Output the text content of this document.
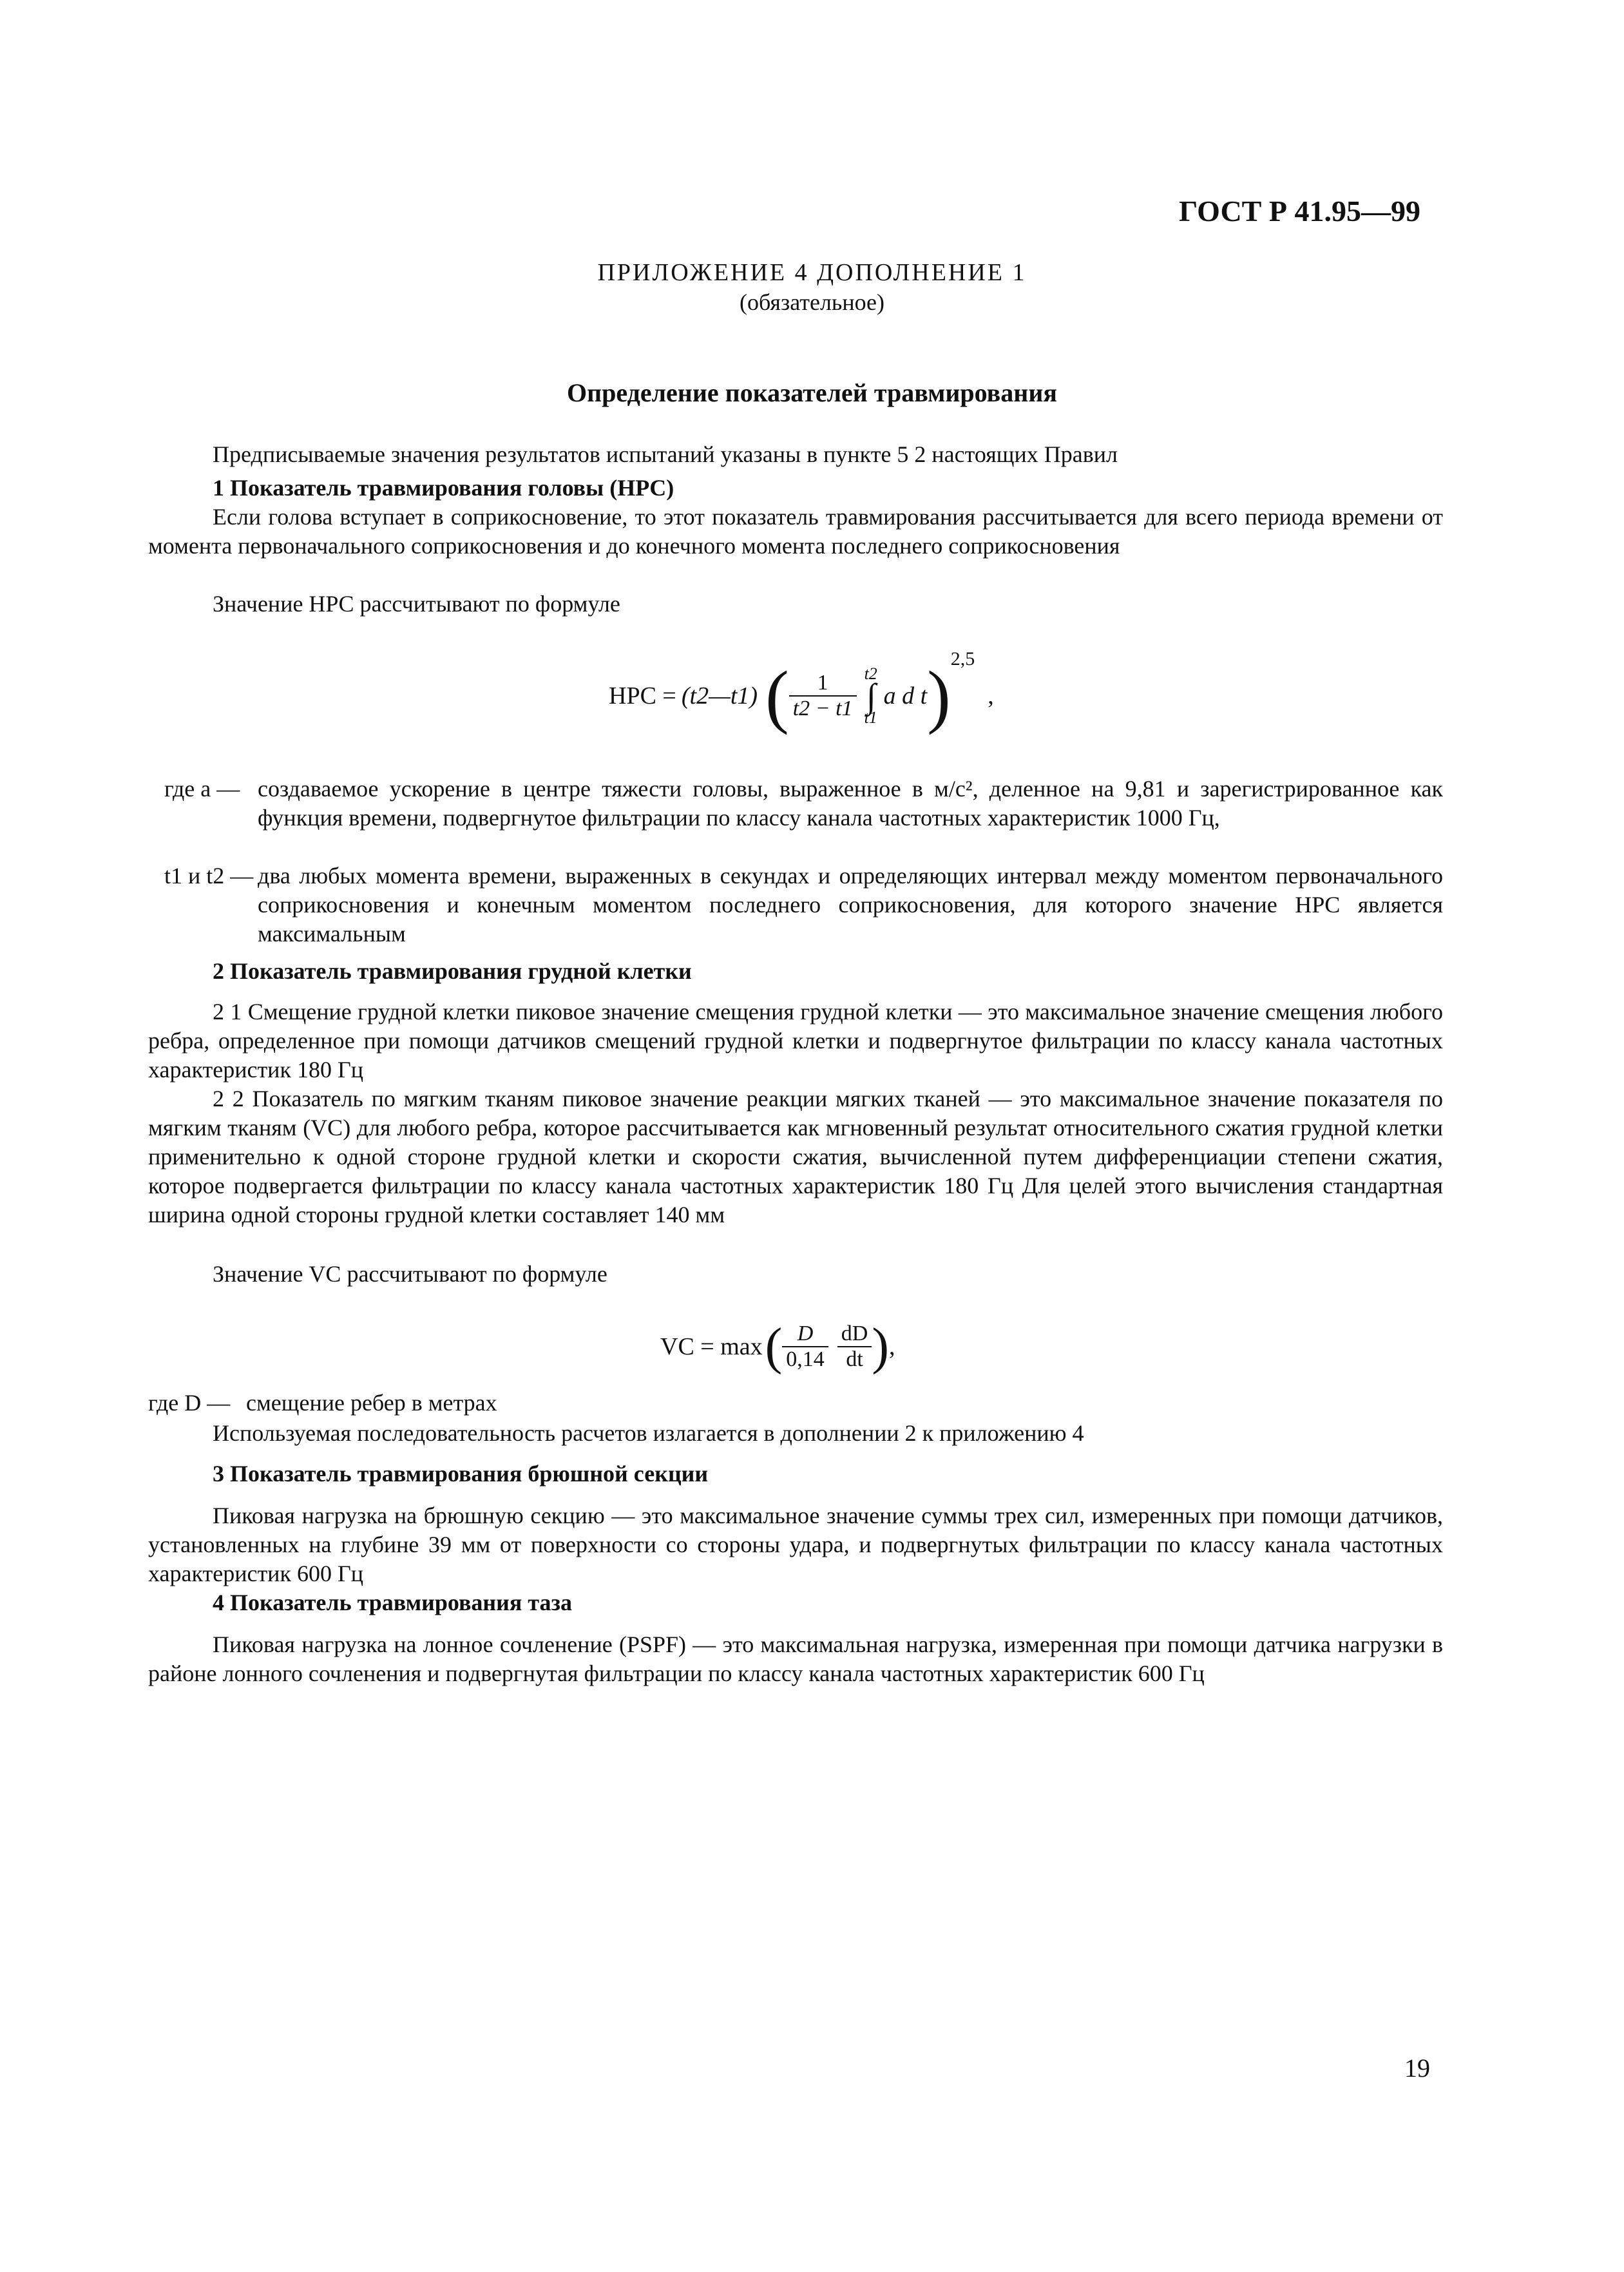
ГОСТ Р 41.95—99
ПРИЛОЖЕНИЕ 4 ДОПОЛНЕНИЕ 1
(обязательное)
Определение показателей травмирования

Предписываемые значения результатов испытаний указаны в пункте 5 2 настоящих Правил

1 Показатель травмирования головы (HPC)

Если голова вступает в соприкосновение, то этот показатель травмирования рассчитывается для всего периода времени от момента первоначального соприкосновения и до конечного момента последнего соприкосновения

Значение HPC рассчитывают по формуле

HPC = (t2—t1) ( $\frac{1}{t2 - t1}$ ∫
t2
t1
a d t ) 2,5
,
где a — создаваемое ускорение в центре тяжести головы, выраженное в м/с², деленное на 9,81 и зарегистрированное как функция времени, подвергнутое фильтрации по классу канала частотных характеристик 1000 Гц,
t1 и t2 — два любых момента времени, выраженных в секундах и определяющих интервал между моментом первоначального соприкосновения и конечным моментом последнего соприкосновения, для которого значение HPC является максимальным
2 Показатель травмирования грудной клетки

2 1 Смещение грудной клетки пиковое значение смещения грудной клетки — это максимальное значение смещения любого ребра, определенное при помощи датчиков смещений грудной клетки и подвергнутое фильтрации по классу канала частотных характеристик 180 Гц

2 2 Показатель по мягким тканям пиковое значение реакции мягких тканей — это максимальное значение показателя по мягким тканям (VC) для любого ребра, которое рассчитывается как мгновенный результат относительного сжатия грудной клетки применительно к одной стороне грудной клетки и скорости сжатия, вычисленной путем дифференциации степени сжатия, которое подвергается фильтрации по классу канала частотных характеристик 180 Гц Для целей этого вычисления стандартная ширина одной стороны грудной клетки составляет 140 мм

Значение VC рассчитывают по формуле

VC = max ( $\frac{D}{0,14} \frac{dD}{dt}$ ) ,
где D — смещение ребер в метрах

Используемая последовательность расчетов излагается в дополнении 2 к приложению 4

3 Показатель травмирования брюшной секции

Пиковая нагрузка на брюшную секцию — это максимальное значение суммы трех сил, измеренных при помощи датчиков, установленных на глубине 39 мм от поверхности со стороны удара, и подвергнутых фильтрации по классу канала частотных характеристик 600 Гц

4 Показатель травмирования таза

Пиковая нагрузка на лонное сочленение (PSPF) — это максимальная нагрузка, измеренная при помощи датчика нагрузки в районе лонного сочленения и подвергнутая фильтрации по классу канала частотных характеристик 600 Гц

19
